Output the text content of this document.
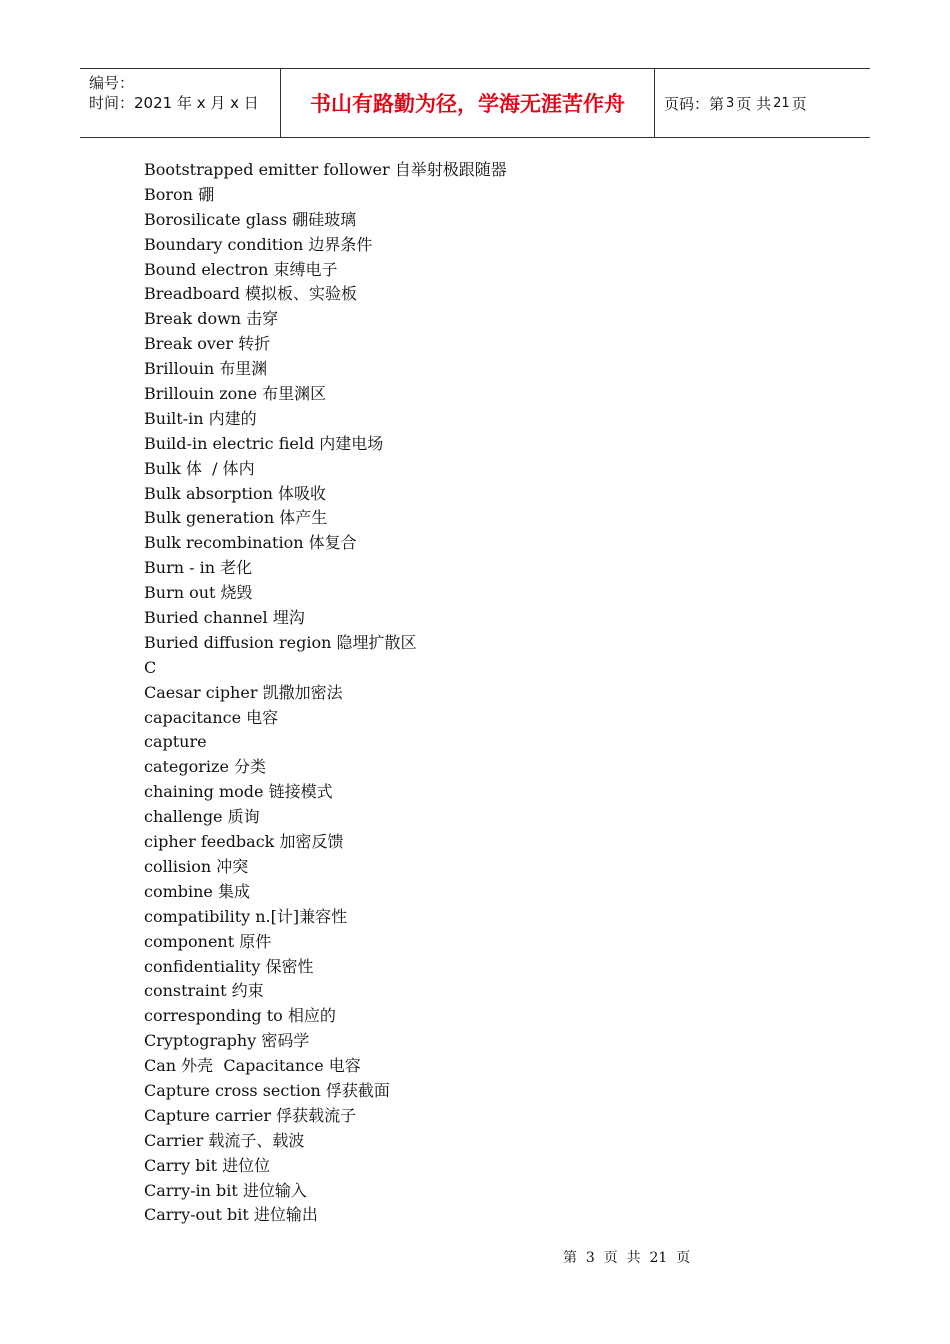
编号：
时间：2021 年 x 月 x 日	书山有路勤为径，学海无涯苦作舟	页码：第 3 页 共 21 页
Bootstrapped emitter follower 自举射极跟随器
Boron 硼
Borosilicate glass 硼硅玻璃
Boundary condition 边界条件
Bound electron 束缚电子
Breadboard 模拟板、实验板
Break down 击穿
Break over 转折
Brillouin 布里渊
Brillouin zone 布里渊区
Built-in 内建的
Build-in electric field 内建电场
Bulk 体  / 体内
Bulk absorption 体吸收
Bulk generation 体产生
Bulk recombination 体复合
Burn - in 老化
Burn out 烧毁
Buried channel 埋沟
Buried diffusion region 隐埋扩散区
C
Caesar cipher 凯撒加密法
capacitance 电容
capture
categorize 分类
chaining mode 链接模式
challenge 质询
cipher feedback 加密反馈
collision 冲突
combine 集成
compatibility n.[计]兼容性
component 原件
confidentiality 保密性
constraint 约束
corresponding to 相应的
Cryptography 密码学
Can 外壳  Capacitance 电容
Capture cross section 俘获截面
Capture carrier 俘获载流子
Carrier 载流子、载波
Carry bit 进位位
Carry-in bit 进位输入
Carry-out bit 进位输出
第  3  页  共  21  页
